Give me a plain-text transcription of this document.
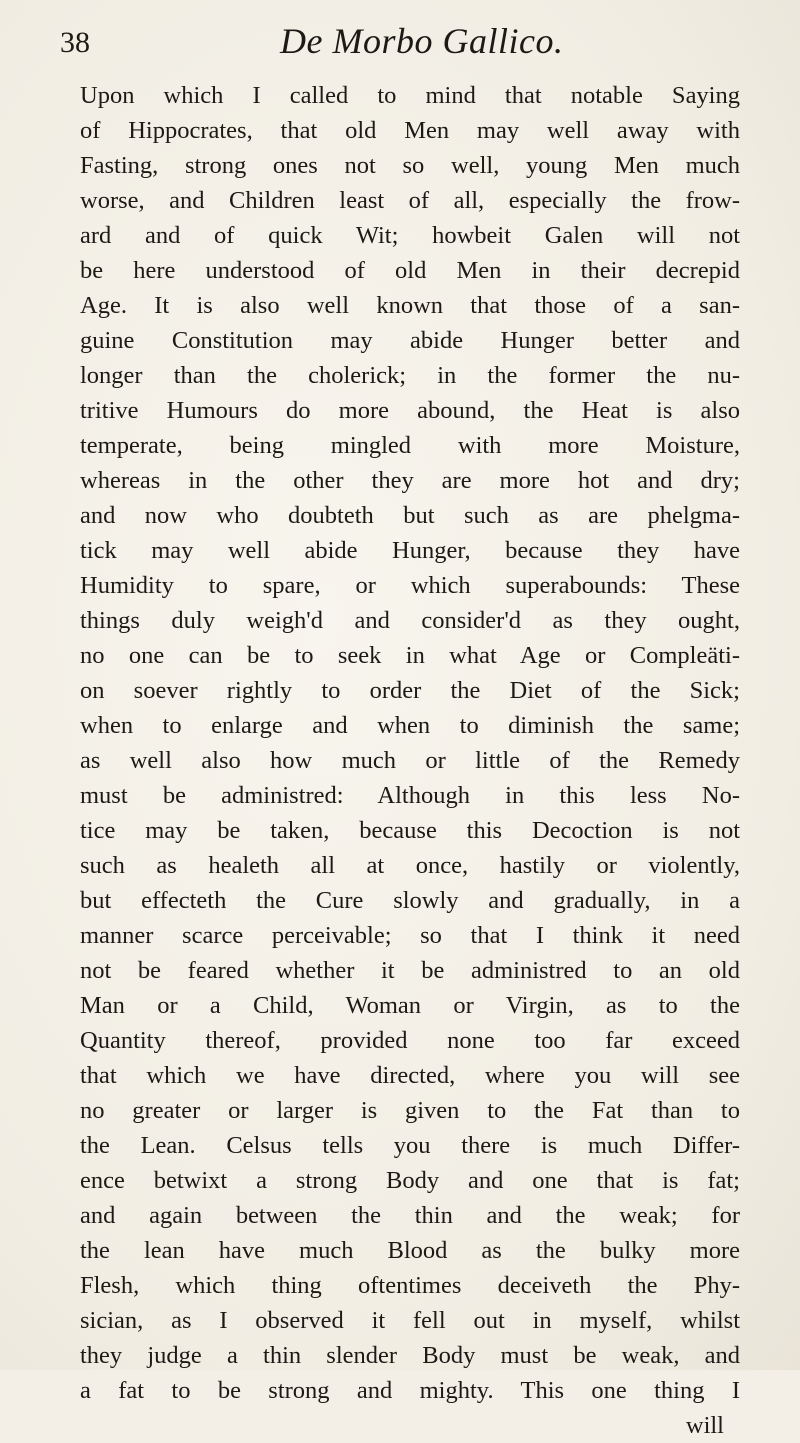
38	De Morbo Gallico.
Upon which I called to mind that notable Saying
of Hippocrates, that old Men may well away with
Fasting, strong ones not so well, young Men much
worse, and Children least of all, especially the frow-
ard and of quick Wit; howbeit Galen will not
be here understood of old Men in their decrepid
Age. It is also well known that those of a san-
guine Constitution may abide Hunger better and
longer than the cholerick; in the former the nu-
tritive Humours do more abound, the Heat is also
temperate, being mingled with more Moisture,
whereas in the other they are more hot and dry;
and now who doubteth but such as are phelgma-
tick may well abide Hunger, because they have
Humidity to spare, or which superabounds: These
things duly weigh'd and consider'd as they ought,
no one can be to seek in what Age or Compleäti-
on soever rightly to order the Diet of the Sick;
when to enlarge and when to diminish the same;
as well also how much or little of the Remedy
must be administred: Although in this less No-
tice may be taken, because this Decoction is not
such as healeth all at once, hastily or violently,
but effecteth the Cure slowly and gradually, in a
manner scarce perceivable; so that I think it need
not be feared whether it be administred to an old
Man or a Child, Woman or Virgin, as to the
Quantity thereof, provided none too far exceed
that which we have directed, where you will see
no greater or larger is given to the Fat than to
the Lean. Celsus tells you there is much Differ-
ence betwixt a strong Body and one that is fat;
and again between the thin and the weak; for
the lean have much Blood as the bulky more
Flesh, which thing oftentimes deceiveth the Phy-
sician, as I observed it fell out in myself, whilst
they judge a thin slender Body must be weak, and
a fat to be strong and mighty. This one thing I
will
